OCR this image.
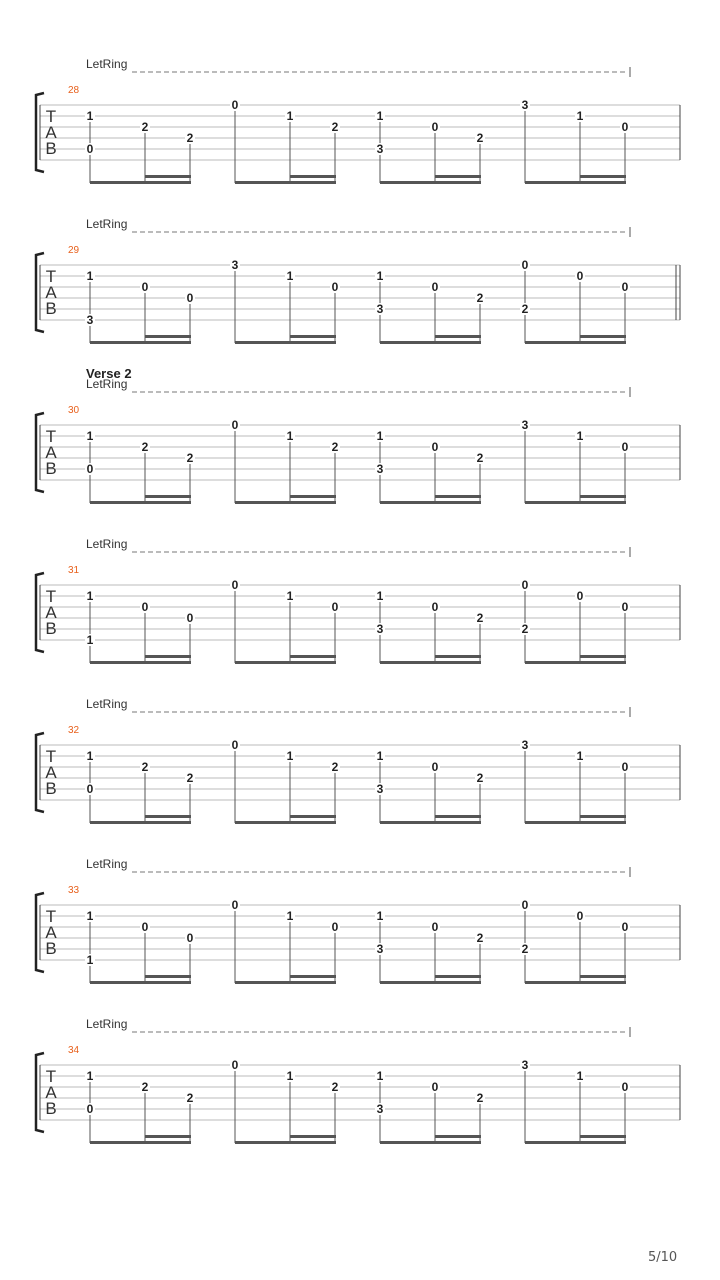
LetRing
28
T
A
B
1
0
2
2
0
1
2
1
3
0
2
3
1
0
LetRing
29
T
A
B
1
3
0
0
3
1
0
1
3
0
2
0
2
0
0
Verse 2
LetRing
30
T
A
B
1
0
2
2
0
1
2
1
3
0
2
3
1
0
LetRing
31
T
A
B
1
1
0
0
0
1
0
1
3
0
2
0
2
0
0
LetRing
32
T
A
B
1
0
2
2
0
1
2
1
3
0
2
3
1
0
LetRing
33
T
A
B
1
1
0
0
0
1
0
1
3
0
2
0
2
0
0
LetRing
34
T
A
B
1
0
2
2
0
1
2
1
3
0
2
3
1
0
5/10
